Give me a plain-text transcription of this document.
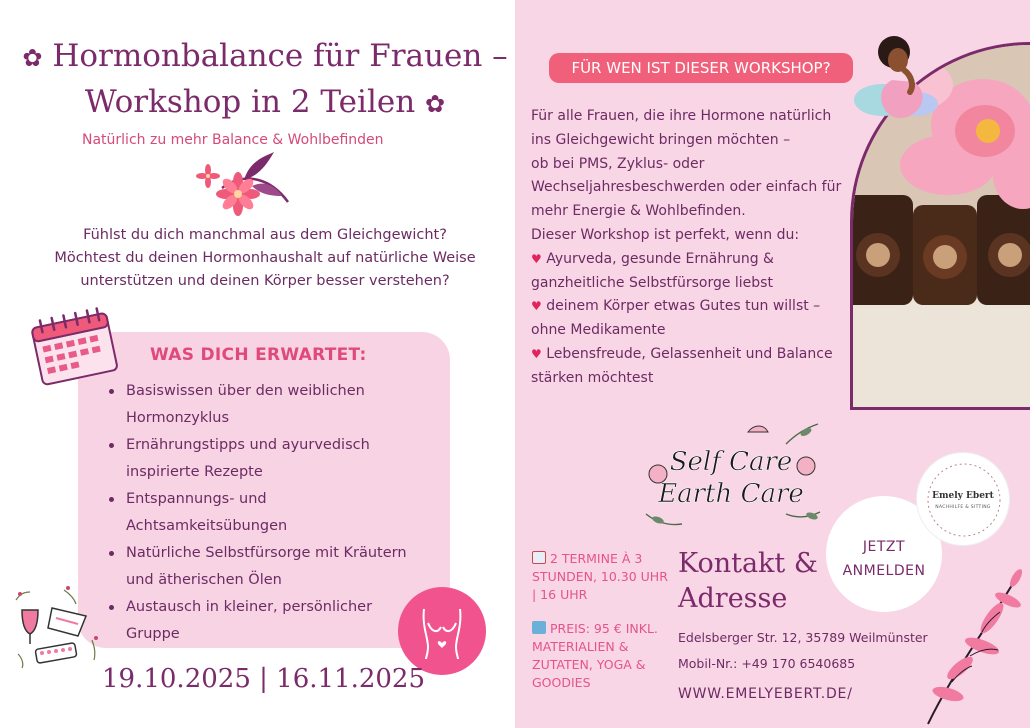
✿ Hormonbalance für Frauen –
Workshop in 2 Teilen ✿
Natürlich zu mehr Balance & Wohlbefinden
Fühlst du dich manchmal aus dem Gleichgewicht?
Möchtest du deinen Hormonhaushalt auf natürliche Weise
unterstützen und deinen Körper besser verstehen?
WAS DICH ERWARTET:
Basiswissen über den weiblichen Hormonzyklus
Ernährungstipps und ayurvedisch inspirierte Rezepte
Entspannungs- und Achtsamkeitsübungen
Natürliche Selbstfürsorge mit Kräutern und ätherischen Ölen
Austausch in kleiner, persönlicher Gruppe
19.10.2025 | 16.11.2025
FÜR WEN IST DIESER WORKSHOP?
Für alle Frauen, die ihre Hormone natürlich ins Gleichgewicht bringen möchten –
ob bei PMS, Zyklus- oder Wechseljahresbeschwerden oder einfach für mehr Energie & Wohlbefinden.
Dieser Workshop ist perfekt, wenn du:
♥ Ayurveda, gesunde Ernährung & ganzheitliche Selbstfürsorge liebst
♥ deinem Körper etwas Gutes tun willst – ohne Medikamente
♥ Lebensfreude, Gelassenheit und Balance stärken möchtest
Self Care
Earth Care
JETZT
ANMELDEN
Emely Ebert
NACHHILFE & SITTING
2 TERMINE À 3 STUNDEN, 10.30 UHR | 16 UHR
PREIS: 95 € INKL. MATERIALIEN & ZUTATEN, YOGA & GOODIES
Kontakt &
Adresse
Edelsberger Str. 12, 35789 Weilmünster
Mobil-Nr.: +49 170 6540685
WWW.EMELYEBERT.DE/
